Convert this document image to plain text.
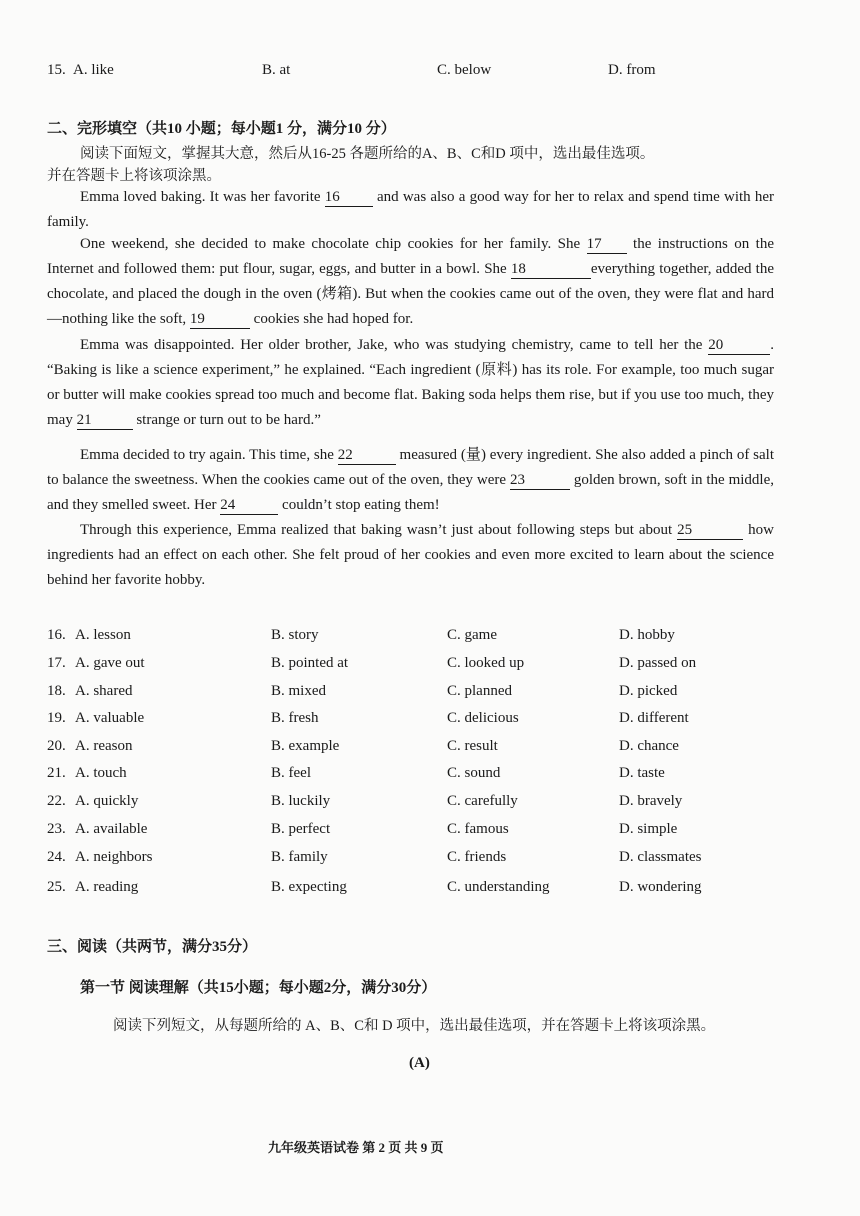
15. A. like	B. at	C. below	D. from
二、完形填空（共10 小题；每小题1 分，满分10 分）
阅读下面短文，掌握其大意，然后从16-25 各题所给的A、B、C和D 项中，选出最佳选项。
并在答题卡上将该项涂黑。
Emma loved baking. It was her favorite 16 and was also a good way for her to relax and spend time with her family.
One weekend, she decided to make chocolate chip cookies for her family. She 17 the instructions on the Internet and followed them: put flour, sugar, eggs, and butter in a bowl. She 18	everything together, added the chocolate, and placed the dough in the oven (烤箱). But when the cookies came out of the oven, they were flat and hard—nothing like the soft, 19	cookies she had hoped for.
Emma was disappointed. Her older brother, Jake, who was studying chemistry, came to tell her the 20	. “Baking is like a science experiment,” he explained. “Each ingredient (原料) has its role. For example, too much sugar or butter will make cookies spread too much and become flat. Baking soda helps them rise, but if you use too much, they may 21	strange or turn out to be hard.”
Emma decided to try again. This time, she 22	measured (量) every ingredient. She also added a pinch of salt to balance the sweetness. When the cookies came out of the oven, they were 23	golden brown, soft in the middle, and they smelled sweet. Her 24	couldn’t stop eating them!
Through this experience, Emma realized that baking wasn’t just about following steps but about 25	how ingredients had an effect on each other. She felt proud of her cookies and even more excited to learn about the science behind her favorite hobby.
16. A. lesson	B. story	C. game	D. hobby
17. A. gave out	B. pointed at	C. looked up	D. passed on
18. A. shared	B. mixed	C. planned	D. picked
19. A. valuable	B. fresh	C. delicious	D. different
20. A. reason	B. example	C. result	D. chance
21. A. touch	B. feel	C. sound	D. taste
22. A. quickly	B. luckily	C. carefully	D. bravely
23. A. available	B. perfect	C. famous	D. simple
24. A. neighbors	B. family	C. friends	D. classmates
25. A. reading	B. expecting	C. understanding	D. wondering
三、阅读（共两节，满分35分）
第一节 阅读理解（共15小题；每小题2分，满分30分）
阅读下列短文，从每题所给的 A、B、C和 D 项中，选出最佳选项，并在答题卡上将该项涂黑。
(A)
九年级英语试卷 第 2 页 共 9 页
